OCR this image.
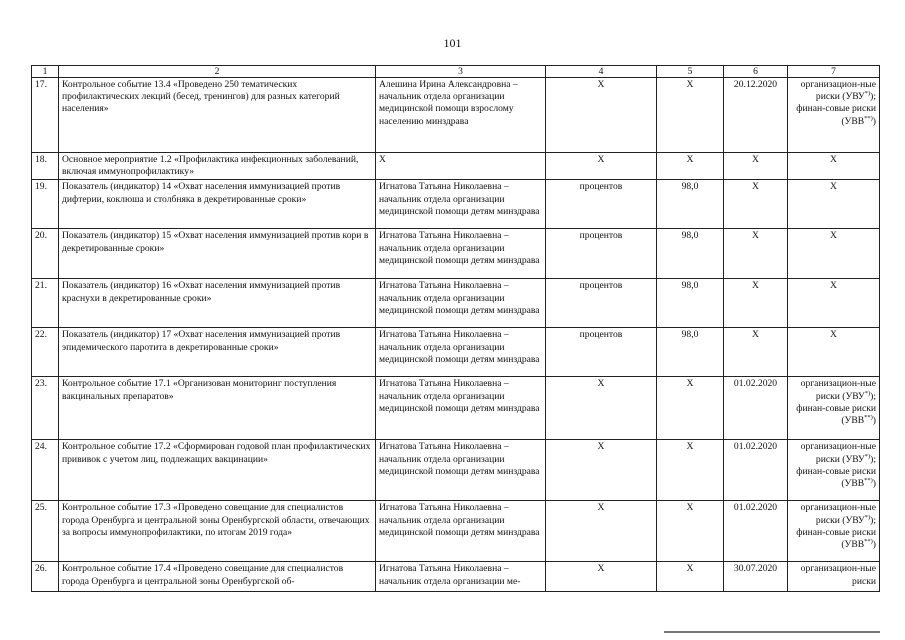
101
1	2	3	4	5	6	7
17.	Контрольное событие 13.4 «Проведено 250 тематических профилактических лекций (бесед, тренингов) для разных категорий населения»	Алешина Ирина Александровна – начальник отдела организации медицинской помощи взрослому населению минздрава	Х	Х	20.12.2020	организацион-ные риски (УВУ*)); финан-совые риски (УВВ**))
18.	Основное мероприятие 1.2 «Профилактика инфекционных заболеваний, включая иммунопрофилактику»	Х	Х	Х	Х	Х
19.	Показатель (индикатор) 14 «Охват населения иммунизацией против дифтерии, коклюша и столбняка в декретированные сроки»	Игнатова Татьяна Николаевна – начальник отдела организации медицинской помощи детям минздрава	процентов	98,0	Х	Х
20.	Показатель (индикатор) 15 «Охват населения иммунизацией против кори в декретированные сроки»	Игнатова Татьяна Николаевна – начальник отдела организации медицинской помощи детям минздрава	процентов	98,0	Х	Х
21.	Показатель (индикатор) 16 «Охват населения иммунизацией против краснухи в декретированные сроки»	Игнатова Татьяна Николаевна – начальник отдела организации медицинской помощи детям минздрава	процентов	98,0	Х	Х
22.	Показатель (индикатор) 17 «Охват населения иммунизацией против эпидемического паротита в декретированные сроки»	Игнатова Татьяна Николаевна – начальник отдела организации медицинской помощи детям минздрава	процентов	98,0	Х	Х
23.	Контрольное событие 17.1 «Организован мониторинг поступления вакцинальных препаратов»	Игнатова Татьяна Николаевна – начальник отдела организации медицинской помощи детям минздрава	Х	Х	01.02.2020	организацион-ные риски (УВУ*)); финан-совые риски (УВВ**))
24.	Контрольное событие 17.2 «Сформирован годовой план профилактических прививок с учетом лиц, подлежащих вакцинации»	Игнатова Татьяна Николаевна – начальник отдела организации медицинской помощи детям минздрава	Х	Х	01.02.2020	организацион-ные риски (УВУ*)); финан-совые риски (УВВ**))
25.	Контрольное событие 17.3 «Проведено совещание для специалистов города Оренбурга и центральной зоны Оренбургской области, отвечающих за вопросы иммунопрофилактики, по итогам 2019 года»	Игнатова Татьяна Николаевна – начальник отдела организации медицинской помощи детям минздрава	Х	Х	01.02.2020	организацион-ные риски (УВУ*)); финан-совые риски (УВВ**))
26.	Контрольное событие 17.4 «Проведено совещание для специалистов города Оренбурга и центральной зоны Оренбургской об-	Игнатова Татьяна Николаевна – начальник отдела организации ме-	Х	Х	30.07.2020	организацион-ные риски
